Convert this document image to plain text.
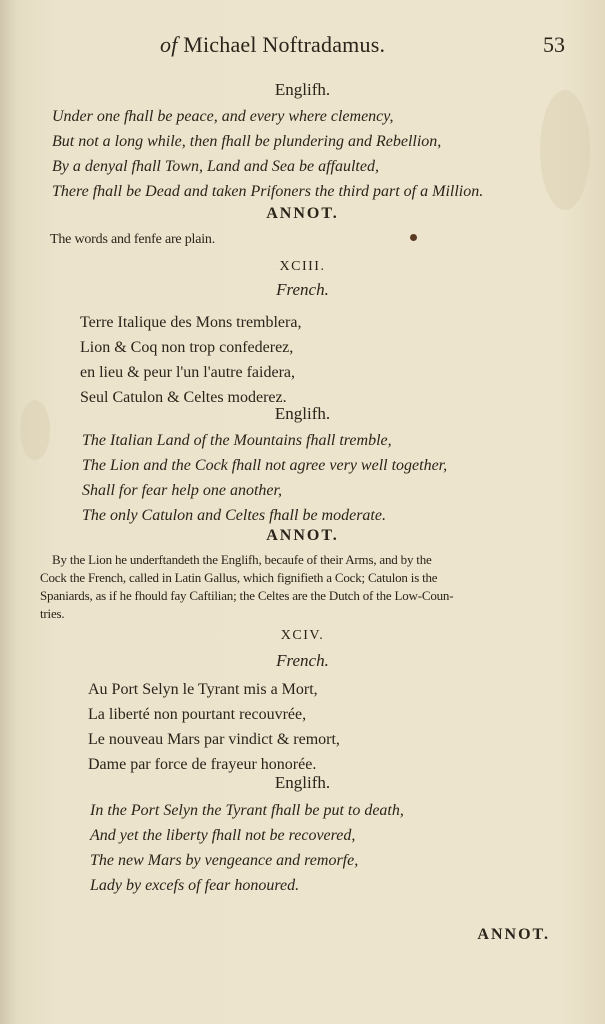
of Michael Noftradamus.	53
Englifh.
Under one fhall be peace, and every where clemency,
But not a long while, then fhall be plundering and Rebellion,
By a denyal fhall Town, Land and Sea be affaulted,
There fhall be Dead and taken Prifoners the third part of a Million.
ANNOT.
The words and fenfe are plain.
XCIII.
French.
Terre Italique des Mons tremblera,
Lion & Coq non trop confederez,
en lieu & peur l'un l'autre faidera,
Seul Catulon & Celtes moderez.
Englifh.
The Italian Land of the Mountains fhall tremble,
The Lion and the Cock fhall not agree very well together,
Shall for fear help one another,
The only Catulon and Celtes fhall be moderate.
ANNOT.
By the Lion he underftandeth the Englifh, becaufe of their Arms, and by the
Cock the French, called in Latin Gallus, which fignifieth a Cock; Catulon is the
Spaniards, as if he fhould fay Caftilian; the Celtes are the Dutch of the Low-Coun-
tries.
XCIV.
French.
Au Port Selyn le Tyrant mis a Mort,
La liberté non pourtant recouvrée,
Le nouveau Mars par vindict & remort,
Dame par force de frayeur honorée.
Englifh.
In the Port Selyn the Tyrant fhall be put to death,
And yet the liberty fhall not be recovered,
The new Mars by vengeance and remorfe,
Lady by excefs of fear honoured.
ANNOT.
